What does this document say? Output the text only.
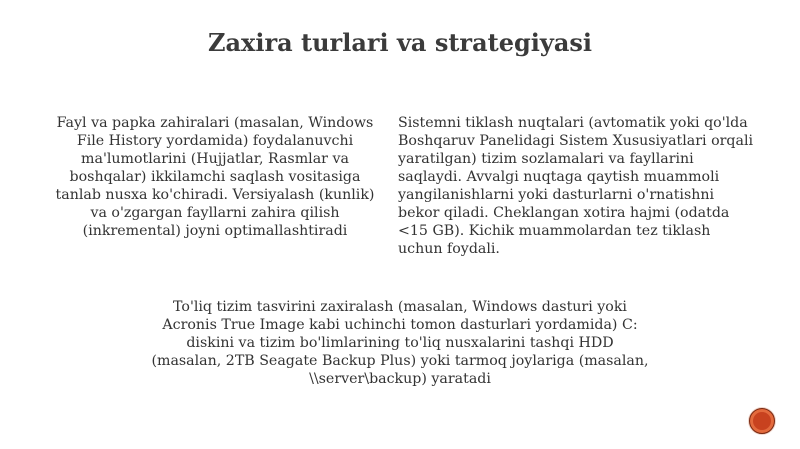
Zaxira turlari va strategiyasi

Fayl va papka zahiralari (masalan, Windows File History yordamida) foydalanuvchi ma'lumotlarini (Hujjatlar, Rasmlar va boshqalar) ikkilamchi saqlash vositasiga tanlab nusxa ko'chiradi. Versiyalash (kunlik) va o'zgargan fayllarni zahira qilish (inkremental) joyni optimallashtiradi

Sistemni tiklash nuqtalari (avtomatik yoki qo'lda Boshqaruv Panelidagi Sistem Xususiyatlari orqali yaratilgan) tizim sozlamalari va fayllarini saqlaydi. Avvalgi nuqtaga qaytish muammoli yangilanishlarni yoki dasturlarni o'rnatishni bekor qiladi. Cheklangan xotira hajmi (odatda <15 GB). Kichik muammolardan tez tiklash uchun foydali.

To'liq tizim tasvirini zaxiralash (masalan, Windows dasturi yoki Acronis True Image kabi uchinchi tomon dasturlari yordamida) C: diskini va tizim bo'limlarining to'liq nusxalarini tashqi HDD (masalan, 2TB Seagate Backup Plus) yoki tarmoq joylariga (masalan, \\server\backup) yaratadi
